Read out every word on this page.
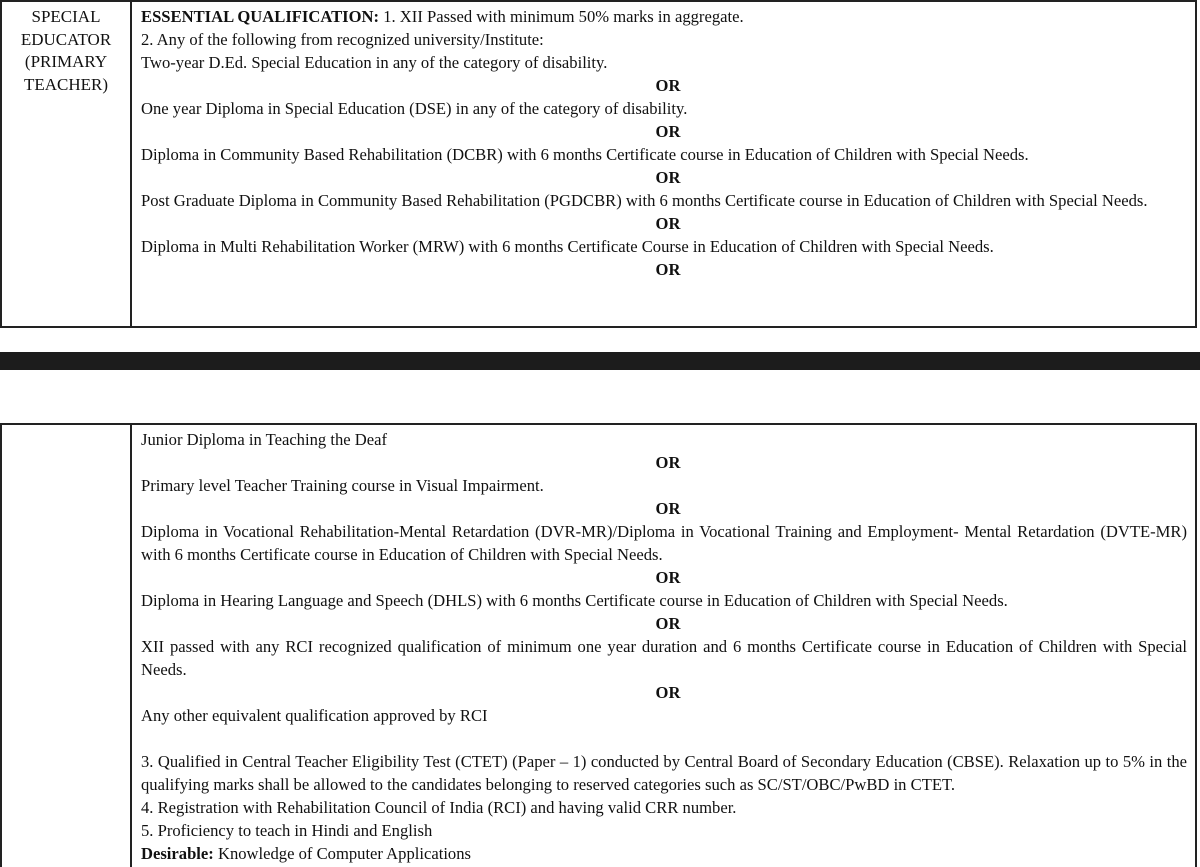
SPECIAL
EDUCATOR
(PRIMARY
TEACHER)
ESSENTIAL QUALIFICATION: 1. XII Passed with minimum 50% marks in aggregate.
2. Any of the following from recognized university/Institute:
Two-year D.Ed. Special Education in any of the category of disability.
OR
One year Diploma in Special Education (DSE) in any of the category of disability.
OR
Diploma in Community Based Rehabilitation (DCBR) with 6 months Certificate course in Education of Children with Special Needs.
OR
Post Graduate Diploma in Community Based Rehabilitation (PGDCBR) with 6 months Certificate course in Education of Children with Special Needs.
OR
Diploma in Multi Rehabilitation Worker (MRW) with 6 months Certificate Course in Education of Children with Special Needs.
OR
Junior Diploma in Teaching the Deaf
OR
Primary level Teacher Training course in Visual Impairment.
OR
Diploma in Vocational Rehabilitation-Mental Retardation (DVR-MR)/Diploma in Vocational Training and Employment- Mental Retardation (DVTE-MR) with 6 months Certificate course in Education of Children with Special Needs.
OR
Diploma in Hearing Language and Speech (DHLS) with 6 months Certificate course in Education of Children with Special Needs.
OR
XII passed with any RCI recognized qualification of minimum one year duration and 6 months Certificate course in Education of Children with Special Needs.
OR
Any other equivalent qualification approved by RCI
3. Qualified in Central Teacher Eligibility Test (CTET) (Paper – 1) conducted by Central Board of Secondary Education (CBSE). Relaxation up to 5% in the qualifying marks shall be allowed to the candidates belonging to reserved categories such as SC/ST/OBC/PwBD in CTET.
4. Registration with Rehabilitation Council of India (RCI) and having valid CRR number.
5. Proficiency to teach in Hindi and English
Desirable: Knowledge of Computer Applications
